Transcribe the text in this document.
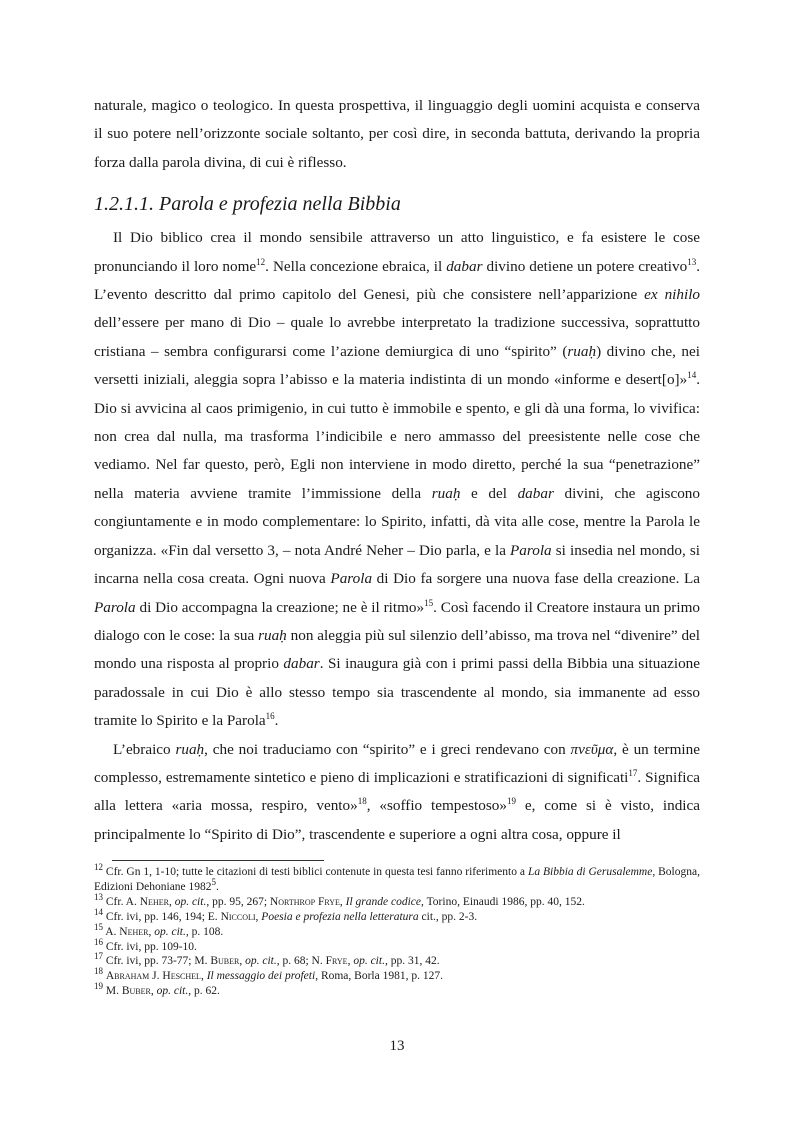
naturale, magico o teologico. In questa prospettiva, il linguaggio degli uomini acquista e conserva il suo potere nell’orizzonte sociale soltanto, per così dire, in seconda battuta, derivando la propria forza dalla parola divina, di cui è riflesso.

1.2.1.1. Parola e profezia nella Bibbia

Il Dio biblico crea il mondo sensibile attraverso un atto linguistico, e fa esistere le cose pronunciando il loro nome$^{12}$. Nella concezione ebraica, il dabar divino detiene un potere creativo$^{13}$. L’evento descritto dal primo capitolo del Genesi, più che consistere nell’apparizione ex nihilo dell’essere per mano di Dio – quale lo avrebbe interpretato la tradizione successiva, soprattutto cristiana – sembra configurarsi come l’azione demiurgica di uno “spirito” (ruaḥ) divino che, nei versetti iniziali, aleggia sopra l’abisso e la materia indistinta di un mondo «informe e desert[o]»$^{14}$. Dio si avvicina al caos primigenio, in cui tutto è immobile e spento, e gli dà una forma, lo vivifica: non crea dal nulla, ma trasforma l’indicibile e nero ammasso del preesistente nelle cose che vediamo. Nel far questo, però, Egli non interviene in modo diretto, perché la sua “penetrazione” nella materia avviene tramite l’immissione della ruaḥ e del dabar divini, che agiscono congiuntamente e in modo complementare: lo Spirito, infatti, dà vita alle cose, mentre la Parola le organizza. «Fin dal versetto 3, – nota André Neher – Dio parla, e la Parola si insedia nel mondo, si incarna nella cosa creata. Ogni nuova Parola di Dio fa sorgere una nuova fase della creazione. La Parola di Dio accompagna la creazione; ne è il ritmo»$^{15}$. Così facendo il Creatore instaura un primo dialogo con le cose: la sua ruaḥ non aleggia più sul silenzio dell’abisso, ma trova nel “divenire” del mondo una risposta al proprio dabar. Si inaugura già con i primi passi della Bibbia una situazione paradossale in cui Dio è allo stesso tempo sia trascendente al mondo, sia immanente ad esso tramite lo Spirito e la Parola$^{16}$.

L’ebraico ruaḥ, che noi traduciamo con “spirito” e i greci rendevano con πνεῦμα, è un termine complesso, estremamente sintetico e pieno di implicazioni e stratificazioni di significati$^{17}$. Significa alla lettera «aria mossa, respiro, vento»$^{18}$, «soffio tempestoso»$^{19}$ e, come si è visto, indica principalmente lo “Spirito di Dio”, trascendente e superiore a ogni altra cosa, oppure il

$^{12}$ Cfr. Gn 1, 1-10; tutte le citazioni di testi biblici contenute in questa tesi fanno riferimento a La Bibbia di Gerusalemme, Bologna, Edizioni Dehoniane 1982$^5$.

$^{13}$ Cfr. A. Neher, op. cit., pp. 95, 267; Northrop Frye, Il grande codice, Torino, Einaudi 1986, pp. 40, 152.

$^{14}$ Cfr. ivi, pp. 146, 194; E. Niccoli, Poesia e profezia nella letteratura cit., pp. 2-3.

$^{15}$ A. Neher, op. cit., p. 108.

$^{16}$ Cfr. ivi, pp. 109-10.

$^{17}$ Cfr. ivi, pp. 73-77; M. Buber, op. cit., p. 68; N. Frye, op. cit., pp. 31, 42.

$^{18}$ Abraham J. Heschel, Il messaggio dei profeti, Roma, Borla 1981, p. 127.

$^{19}$ M. Buber, op. cit., p. 62.

13
